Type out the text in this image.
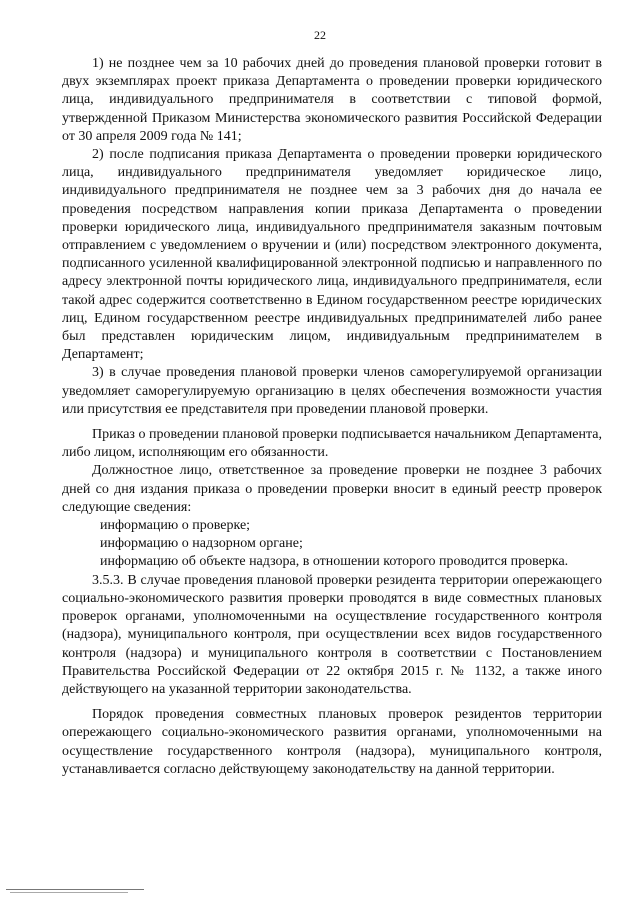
22

1) не позднее чем за 10 рабочих дней до проведения плановой проверки готовит в двух экземплярах проект приказа Департамента о проведении проверки юридического лица, индивидуального предпринимателя в соответствии с типовой формой, утвержденной Приказом Министерства экономического развития Российской Федерации от 30 апреля 2009 года № 141;

2) после подписания приказа Департамента о проведении проверки юридического лица, индивидуального предпринимателя уведомляет юридическое лицо, индивидуального предпринимателя не позднее чем за 3 рабочих дня до начала ее проведения посредством направления копии приказа Департамента о проведении проверки юридического лица, индивидуального предпринимателя заказным почтовым отправлением с уведомлением о вручении и (или) посредством электронного документа, подписанного усиленной квалифицированной электронной подписью и направленного по адресу электронной почты юридического лица, индивидуального предпринимателя, если такой адрес содержится соответственно в Едином государственном реестре юридических лиц, Едином государственном реестре индивидуальных предпринимателей либо ранее был представлен юридическим лицом, индивидуальным предпринимателем в Департамент;

3) в случае проведения плановой проверки членов саморегулируемой организации уведомляет саморегулируемую организацию в целях обеспечения возможности участия или присутствия ее представителя при проведении плановой проверки.

Приказ о проведении плановой проверки подписывается начальником Департамента, либо лицом, исполняющим его обязанности.

Должностное лицо, ответственное за проведение проверки не позднее 3 рабочих дней со дня издания приказа о проведении проверки вносит в единый реестр проверок следующие сведения:

информацию о проверке;

информацию о надзорном органе;

информацию об объекте надзора, в отношении которого проводится проверка.

3.5.3. В случае проведения плановой проверки резидента территории опережающего социально-экономического развития проверки проводятся в виде совместных плановых проверок органами, уполномоченными на осуществление государственного контроля (надзора), муниципального контроля, при осуществлении всех видов государственного контроля (надзора) и муниципального контроля в соответствии с Постановлением Правительства Российской Федерации от 22 октября 2015 г. № 1132, а также иного действующего на указанной территории законодательства.

Порядок проведения совместных плановых проверок резидентов территории опережающего социально-экономического развития органами, уполномоченными на осуществление государственного контроля (надзора), муниципального контроля, устанавливается согласно действующему законодательству на данной территории.
